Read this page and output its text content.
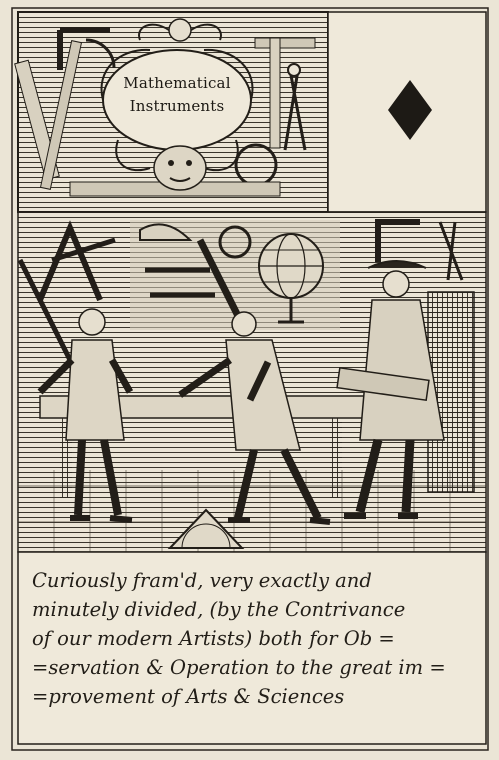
Mathematical
Instruments
Curiously fram'd, very exactly and
minutely divided, (by the Contrivance
of our modern Artists) both for Ob =
=servation & Operation to the great im =
=provement of Arts & Sciences
